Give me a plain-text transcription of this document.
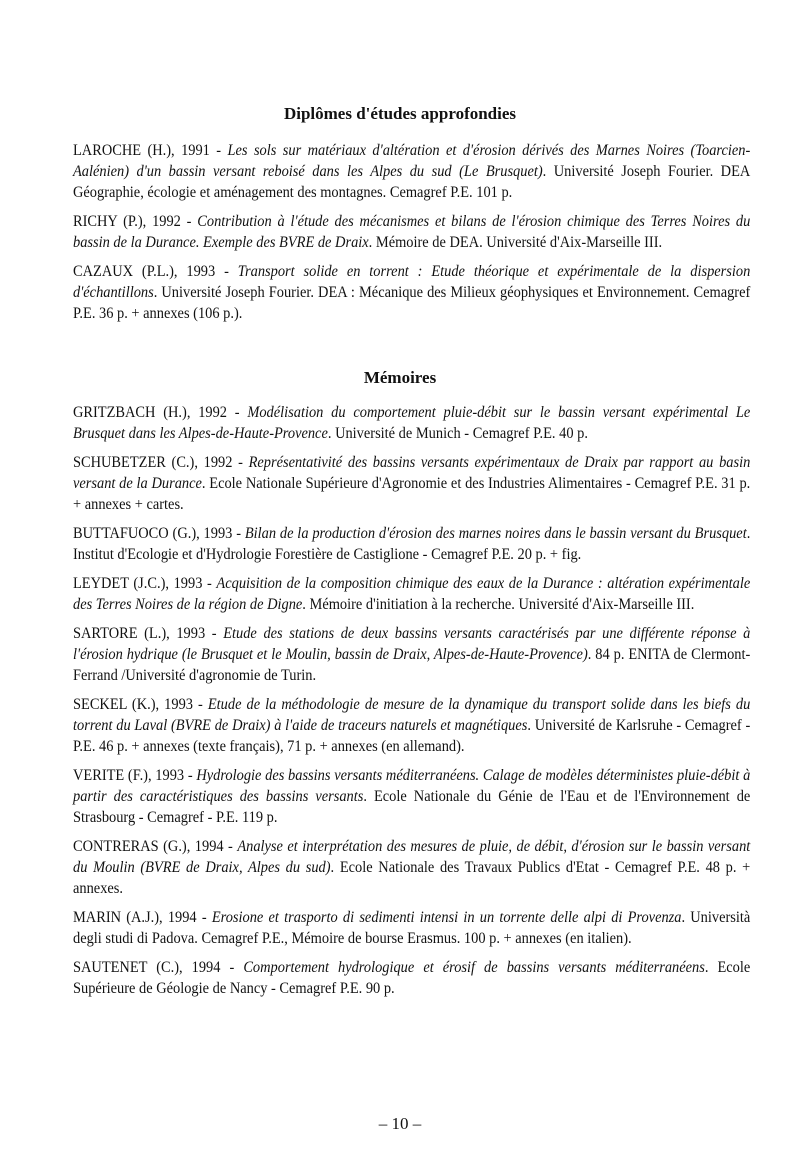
Diplômes d'études approfondies

LAROCHE (H.), 1991 - Les sols sur matériaux d'altération et d'érosion dérivés des Marnes Noires (Toarcien-Aalénien) d'un bassin versant reboisé dans les Alpes du sud (Le Brusquet). Université Joseph Fourier. DEA Géographie, écologie et aménagement des montagnes. Cemagref P.E. 101 p.

RICHY (P.), 1992 - Contribution à l'étude des mécanismes et bilans de l'érosion chimique des Terres Noires du bassin de la Durance. Exemple des BVRE de Draix. Mémoire de DEA. Université d'Aix-Marseille III.

CAZAUX (P.L.), 1993 - Transport solide en torrent : Etude théorique et expérimentale de la dispersion d'échantillons. Université Joseph Fourier. DEA : Mécanique des Milieux géophysiques et Environnement. Cemagref P.E. 36 p. + annexes (106 p.).

Mémoires

GRITZBACH (H.), 1992 - Modélisation du comportement pluie-débit sur le bassin versant expérimental Le Brusquet dans les Alpes-de-Haute-Provence. Université de Munich - Cemagref P.E. 40 p.

SCHUBETZER (C.), 1992 - Représentativité des bassins versants expérimentaux de Draix par rapport au basin versant de la Durance. Ecole Nationale Supérieure d'Agronomie et des Industries Alimentaires - Cemagref P.E. 31 p. + annexes + cartes.

BUTTAFUOCO (G.), 1993 - Bilan de la production d'érosion des marnes noires dans le bassin versant du Brusquet. Institut d'Ecologie et d'Hydrologie Forestière de Castiglione - Cemagref P.E. 20 p. + fig.

LEYDET (J.C.), 1993 - Acquisition de la composition chimique des eaux de la Durance : altération expérimentale des Terres Noires de la région de Digne. Mémoire d'initiation à la recherche. Université d'Aix-Marseille III.

SARTORE (L.), 1993 - Etude des stations de deux bassins versants caractérisés par une différente réponse à l'érosion hydrique (le Brusquet et le Moulin, bassin de Draix, Alpes-de-Haute-Provence). 84 p. ENITA de Clermont-Ferrand /Université d'agronomie de Turin.

SECKEL (K.), 1993 - Etude de la méthodologie de mesure de la dynamique du transport solide dans les biefs du torrent du Laval (BVRE de Draix) à l'aide de traceurs naturels et magnétiques. Université de Karlsruhe - Cemagref - P.E. 46 p. + annexes (texte français), 71 p. + annexes (en allemand).

VERITE (F.), 1993 - Hydrologie des bassins versants méditerranéens. Calage de modèles déterministes pluie-débit à partir des caractéristiques des bassins versants. Ecole Nationale du Génie de l'Eau et de l'Environnement de Strasbourg - Cemagref - P.E. 119 p.

CONTRERAS (G.), 1994 - Analyse et interprétation des mesures de pluie, de débit, d'érosion sur le bassin versant du Moulin (BVRE de Draix, Alpes du sud). Ecole Nationale des Travaux Publics d'Etat - Cemagref P.E. 48 p. + annexes.

MARIN (A.J.), 1994 - Erosione et trasporto di sedimenti intensi in un torrente delle alpi di Provenza. Università degli studi di Padova. Cemagref P.E., Mémoire de bourse Erasmus. 100 p. + annexes (en italien).

SAUTENET (C.), 1994 - Comportement hydrologique et érosif de bassins versants méditerranéens. Ecole Supérieure de Géologie de Nancy - Cemagref P.E. 90 p.

– 10 –
